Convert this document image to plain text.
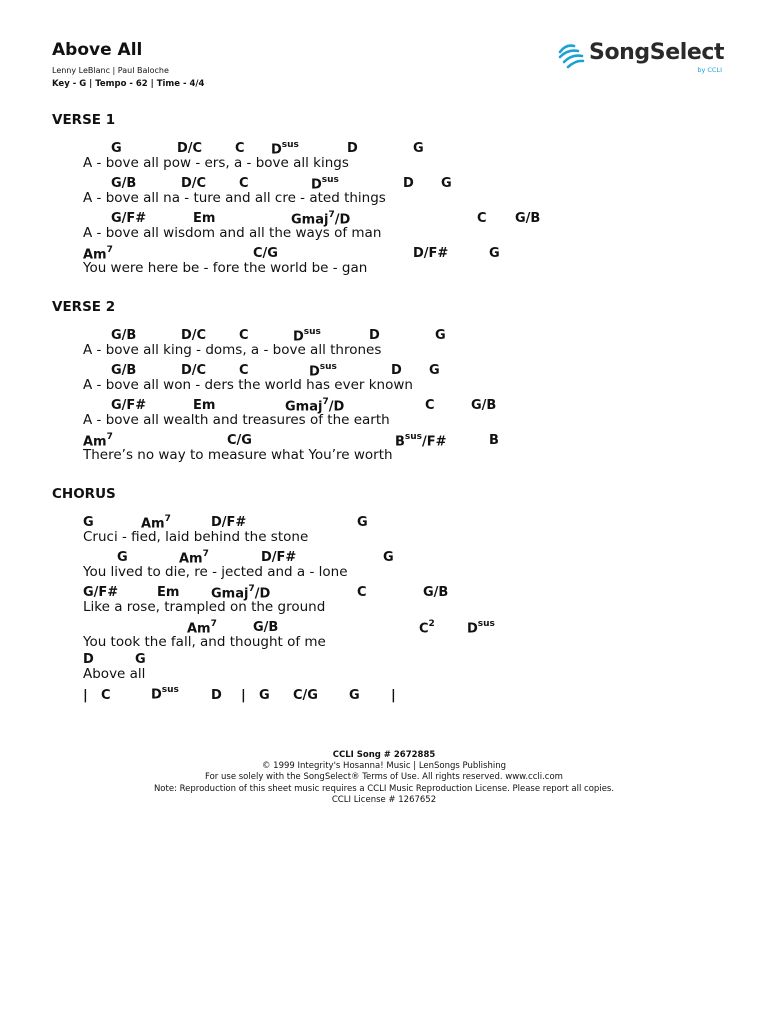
Above All
Lenny LeBlanc | Paul Baloche
Key - G | Tempo - 62 | Time - 4/4
SongSelect
by CCLI
VERSE 1
G	D/C	C $D^{sus}$	D	G
A - bove all pow - ers, a - bove all kings
G/B	D/C	C	$D^{sus}$	D G
A - bove all na - ture and all cre - ated things
G/F#	Em	Gmaj$^7$/D	C G/B
A - bove all wisdom and all the ways of man
Am$^7$	C/G	D/F#	G
You were here be - fore the world be - gan
VERSE 2
G/B	D/C	C	$D^{sus}$	D	G
A - bove all king - doms, a - bove all thrones
G/B	D/C	C	$D^{sus}$	D G
A - bove all won - ders the world has ever known
G/F#	Em	Gmaj$^7$/D	C	G/B
A - bove all wealth and treasures of the earth
Am$^7$	C/G	$B^{sus}/F\#$	B
There’s no way to measure what You’re worth
CHORUS
G	Am$^7$	D/F#	G
Cruci - fied, laid behind the stone
G	Am$^7$	D/F#	G
You lived to die, re - jected and a - lone
G/F#	Em Gmaj$^7$/D	C	G/B
Like a rose, trampled on the ground
Am$^7$	G/B	$C^2$ $D^{sus}$
You took the fall, and thought of me
D	G
Above all
| C	$D^{sus}$ D | G C/G G |
CCLI Song # 2672885
© 1999 Integrity's Hosanna! Music | LenSongs Publishing
For use solely with the SongSelect® Terms of Use. All rights reserved. www.ccli.com
Note: Reproduction of this sheet music requires a CCLI Music Reproduction License. Please report all copies.
CCLI License # 1267652
